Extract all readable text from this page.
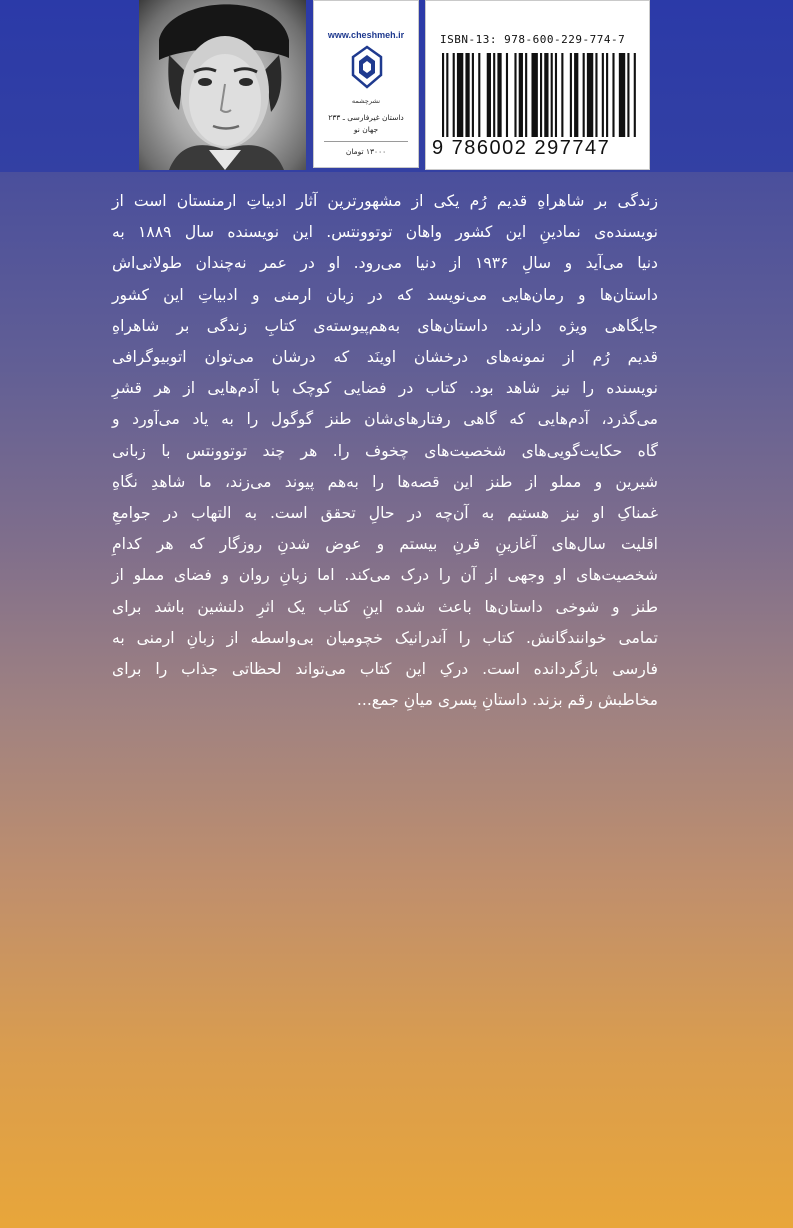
www.cheshmeh.ir
نشرچشمه
داستان غیرفارسی ـ ۲۳۳
جهان نو
۱۳۰۰۰ تومان
ISBN-13: 978-600-229-774-7
9 786002 297747
زندگی بر شاهراهِ قدیم رُم یکی از مشهورترین آثار ادبیاتِ ارمنستان است از
نویسنده‌ی نمادینِ این کشور واهان توتوونتس. این نویسنده سال ۱۸۸۹ به
دنیا می‌آید و سالِ ۱۹۳۶ از دنیا می‌رود. او در عمر نه‌چندان طولانی‌اش
داستان‌ها و رمان‌هایی می‌نویسد که در زبان ارمنی و ادبیاتِ این کشور
جایگاهی ویژه دارند. داستان‌های به‌هم‌پیوسته‌ی کتابِ زندگی بر شاهراهِ
قدیم رُم از نمونه‌های درخشان اوینَد که درشان می‌توان اتوبیوگرافی
نویسنده را نیز شاهد بود. کتاب در فضایی کوچک با آدم‌هایی از هر قشرِ
می‌گذرد، آدم‌هایی که گاهی رفتارهای‌شان طنز گوگول را به یاد می‌آورد و
گاه حکایت‌گویی‌های شخصیت‌های چخوف را. هر چند توتوونتس با زبانی
شیرین و مملو از طنز این قصه‌ها را به‌هم پیوند می‌زند، ما شاهدِ نگاهِ
غمناکِ او نیز هستیم به آن‌چه در حالِ تحقق است. به التهاب در جوامعِ
اقلیت سال‌های آغازینِ قرنِ بیستم و عوض شدنِ روزگار که هر کدامِ
شخصیت‌های او وجهی از آن را درک می‌کند. اما زبانِ روان و فضای مملو از
طنز و شوخی داستان‌ها باعث شده اینِ کتاب یک اثرِ دلنشین باشد برای
تمامی خوانندگانش. کتاب را آندرانیک خچومیان بی‌واسطه از زبانِ ارمنی به
فارسی بازگردانده است. درکِ این کتاب می‌تواند لحظاتی جذاب را برای
مخاطبش رقم بزند. داستانِ پسری میانِ جمع...
